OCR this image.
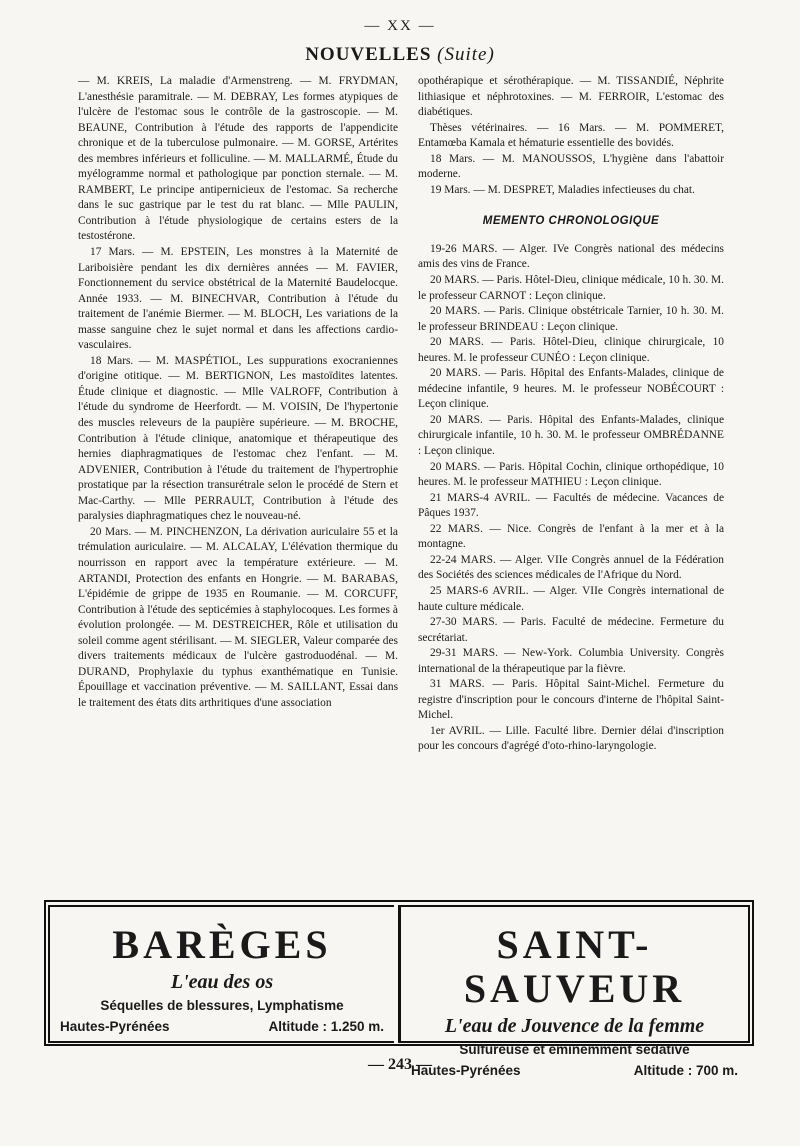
— XX —
NOUVELLES (Suite)

— M. KREIS, La maladie d'Armenstreng. — M. FRYDMAN, L'anesthésie paramitrale. — M. DEBRAY, Les formes atypiques de l'ulcère de l'estomac sous le contrôle de la gastroscopie. — M. BEAUNE, Contribution à l'étude des rapports de l'appendicite chronique et de la tuberculose pulmonaire. — M. GORSE, Artérites des membres inférieurs et folliculine. — M. MALLARMÉ, Étude du myélogramme normal et pathologique par ponction sternale. — M. RAMBERT, Le principe antipernicieux de l'estomac. Sa recherche dans le suc gastrique par le test du rat blanc. — Mlle PAULIN, Contribution à l'étude physiologique de certains esters de la testostérone.

17 Mars. — M. EPSTEIN, Les monstres à la Maternité de Lariboisière pendant les dix dernières années — M. FAVIER, Fonctionnement du service obstétrical de la Maternité Baudelocque. Année 1933. — M. BINECHVAR, Contribution à l'étude du traitement de l'anémie Biermer. — M. BLOCH, Les variations de la masse sanguine chez le sujet normal et dans les affections cardio-vasculaires.

18 Mars. — M. MASPÉTIOL, Les suppurations exocraniennes d'origine otitique. — M. BERTIGNON, Les mastoïdites latentes. Étude clinique et diagnostic. — Mlle VALROFF, Contribution à l'étude du syndrome de Heerfordt. — M. VOISIN, De l'hypertonie des muscles releveurs de la paupière supérieure. — M. BROCHE, Contribution à l'étude clinique, anatomique et thérapeutique des hernies diaphragmatiques de l'estomac chez l'enfant. — M. ADVENIER, Contribution à l'étude du traitement de l'hypertrophie prostatique par la résection transurétrale selon le procédé de Stern et Mac-Carthy. — Mlle PERRAULT, Contribution à l'étude des paralysies diaphragmatiques chez le nouveau-né.

20 Mars. — M. PINCHENZON, La dérivation auriculaire 55 et la trémulation auriculaire. — M. ALCALAY, L'élévation thermique du nourrisson en rapport avec la température extérieure. — M. ARTANDI, Protection des enfants en Hongrie. — M. BARABAS, L'épidémie de grippe de 1935 en Roumanie. — M. CORCUFF, Contribution à l'étude des septicémies à staphylocoques. Les formes à évolution prolongée. — M. DESTREICHER, Rôle et utilisation du soleil comme agent stérilisant. — M. SIEGLER, Valeur comparée des divers traitements médicaux de l'ulcère gastroduodénal. — M. DURAND, Prophylaxie du typhus exanthématique en Tunisie. Épouillage et vaccination préventive. — M. SAILLANT, Essai dans le traitement des états dits arthritiques d'une association

opothérapique et sérothérapique. — M. TISSANDIÉ, Néphrite lithiasique et néphrotoxines. — M. FERROIR, L'estomac des diabétiques.

Thèses vétérinaires. — 16 Mars. — M. POMMERET, Entamœba Kamala et hématurie essentielle des bovidés.

18 Mars. — M. MANOUSSOS, L'hygiène dans l'abattoir moderne.

19 Mars. — M. DESPRET, Maladies infectieuses du chat.

MEMENTO CHRONOLOGIQUE

19-26 MARS. — Alger. IVe Congrès national des médecins amis des vins de France.

20 MARS. — Paris. Hôtel-Dieu, clinique médicale, 10 h. 30. M. le professeur CARNOT : Leçon clinique.

20 MARS. — Paris. Clinique obstétricale Tarnier, 10 h. 30. M. le professeur BRINDEAU : Leçon clinique.

20 MARS. — Paris. Hôtel-Dieu, clinique chirurgicale, 10 heures. M. le professeur CUNÉO : Leçon clinique.

20 MARS. — Paris. Hôpital des Enfants-Malades, clinique de médecine infantile, 9 heures. M. le professeur NOBÉCOURT : Leçon clinique.

20 MARS. — Paris. Hôpital des Enfants-Malades, clinique chirurgicale infantile, 10 h. 30. M. le professeur OMBRÉDANNE : Leçon clinique.

20 MARS. — Paris. Hôpital Cochin, clinique orthopédique, 10 heures. M. le professeur MATHIEU : Leçon clinique.

21 MARS-4 AVRIL. — Facultés de médecine. Vacances de Pâques 1937.

22 MARS. — Nice. Congrès de l'enfant à la mer et à la montagne.

22-24 MARS. — Alger. VIIe Congrès annuel de la Fédération des Sociétés des sciences médicales de l'Afrique du Nord.

25 MARS-6 AVRIL. — Alger. VIIe Congrès international de haute culture médicale.

27-30 MARS. — Paris. Faculté de médecine. Fermeture du secrétariat.

29-31 MARS. — New-York. Columbia University. Congrès international de la thérapeutique par la fièvre.

31 MARS. — Paris. Hôpital Saint-Michel. Fermeture du registre d'inscription pour le concours d'interne de l'hôpital Saint-Michel.

1er AVRIL. — Lille. Faculté libre. Dernier délai d'inscription pour les concours d'agrégé d'oto-rhino-laryngologie.

BARÈGES
L'eau des os
Séquelles de blessures, Lymphatisme
Hautes-Pyrénées	Altitude : 1.250 m.
SAINT-SAUVEUR
L'eau de Jouvence de la femme
Sulfureuse et éminemment sédative
Hautes-Pyrénées	Altitude : 700 m.
— 243 —
